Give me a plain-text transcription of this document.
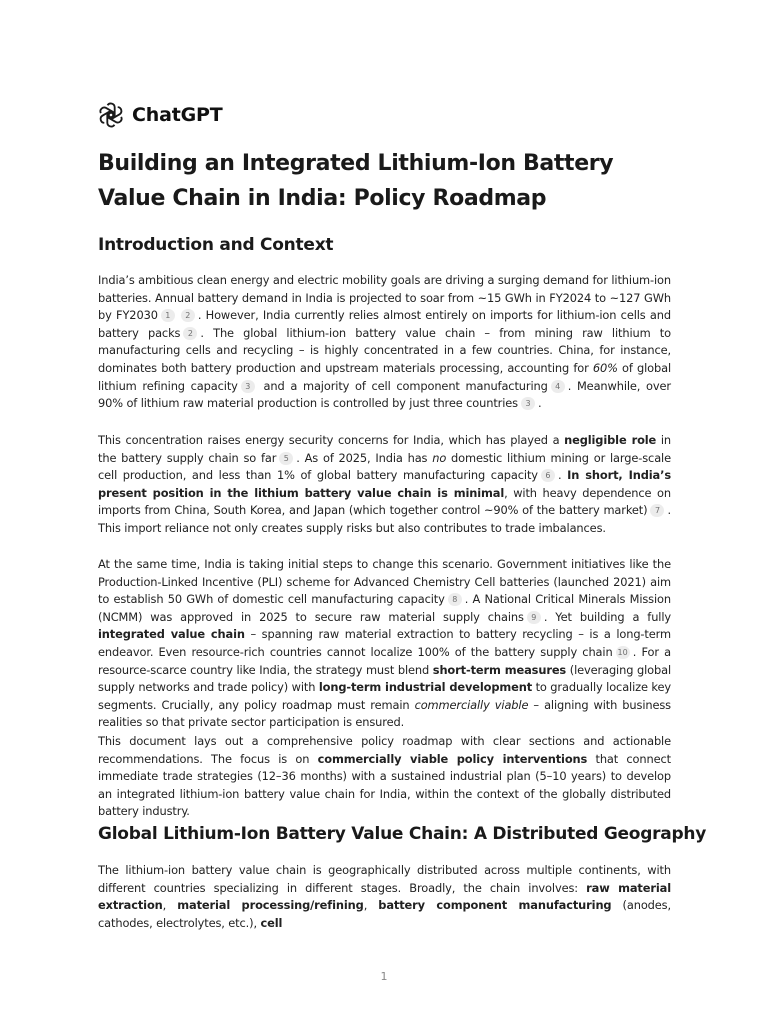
ChatGPT
Building an Integrated Lithium-Ion Battery Value Chain in India: Policy Roadmap
Introduction and Context

India’s ambitious clean energy and electric mobility goals are driving a surging demand for lithium-ion batteries. Annual battery demand in India is projected to soar from ~15 GWh in FY2024 to ~127 GWh by FY2030 1 2 . However, India currently relies almost entirely on imports for lithium-ion cells and battery packs 2 . The global lithium-ion battery value chain – from mining raw lithium to manufacturing cells and recycling – is highly concentrated in a few countries. China, for instance, dominates both battery production and upstream materials processing, accounting for 60% of global lithium refining capacity 3 and a majority of cell component manufacturing 4 . Meanwhile, over 90% of lithium raw material production is controlled by just three countries 3 .

This concentration raises energy security concerns for India, which has played a negligible role in the battery supply chain so far 5 . As of 2025, India has no domestic lithium mining or large-scale cell production, and less than 1% of global battery manufacturing capacity 6 . In short, India’s present position in the lithium battery value chain is minimal, with heavy dependence on imports from China, South Korea, and Japan (which together control ~90% of the battery market) 7 . This import reliance not only creates supply risks but also contributes to trade imbalances.

At the same time, India is taking initial steps to change this scenario. Government initiatives like the Production-Linked Incentive (PLI) scheme for Advanced Chemistry Cell batteries (launched 2021) aim to establish 50 GWh of domestic cell manufacturing capacity 8 . A National Critical Minerals Mission (NCMM) was approved in 2025 to secure raw material supply chains 9 . Yet building a fully integrated value chain – spanning raw material extraction to battery recycling – is a long-term endeavor. Even resource-rich countries cannot localize 100% of the battery supply chain 10 . For a resource-scarce country like India, the strategy must blend short-term measures (leveraging global supply networks and trade policy) with long-term industrial development to gradually localize key segments. Crucially, any policy roadmap must remain commercially viable – aligning with business realities so that private sector participation is ensured.

This document lays out a comprehensive policy roadmap with clear sections and actionable recommendations. The focus is on commercially viable policy interventions that connect immediate trade strategies (12–36 months) with a sustained industrial plan (5–10 years) to develop an integrated lithium-ion battery value chain for India, within the context of the globally distributed battery industry.

Global Lithium-Ion Battery Value Chain: A Distributed Geography

The lithium-ion battery value chain is geographically distributed across multiple continents, with different countries specializing in different stages. Broadly, the chain involves: raw material extraction, material processing/refining, battery component manufacturing (anodes, cathodes, electrolytes, etc.), cell

1
